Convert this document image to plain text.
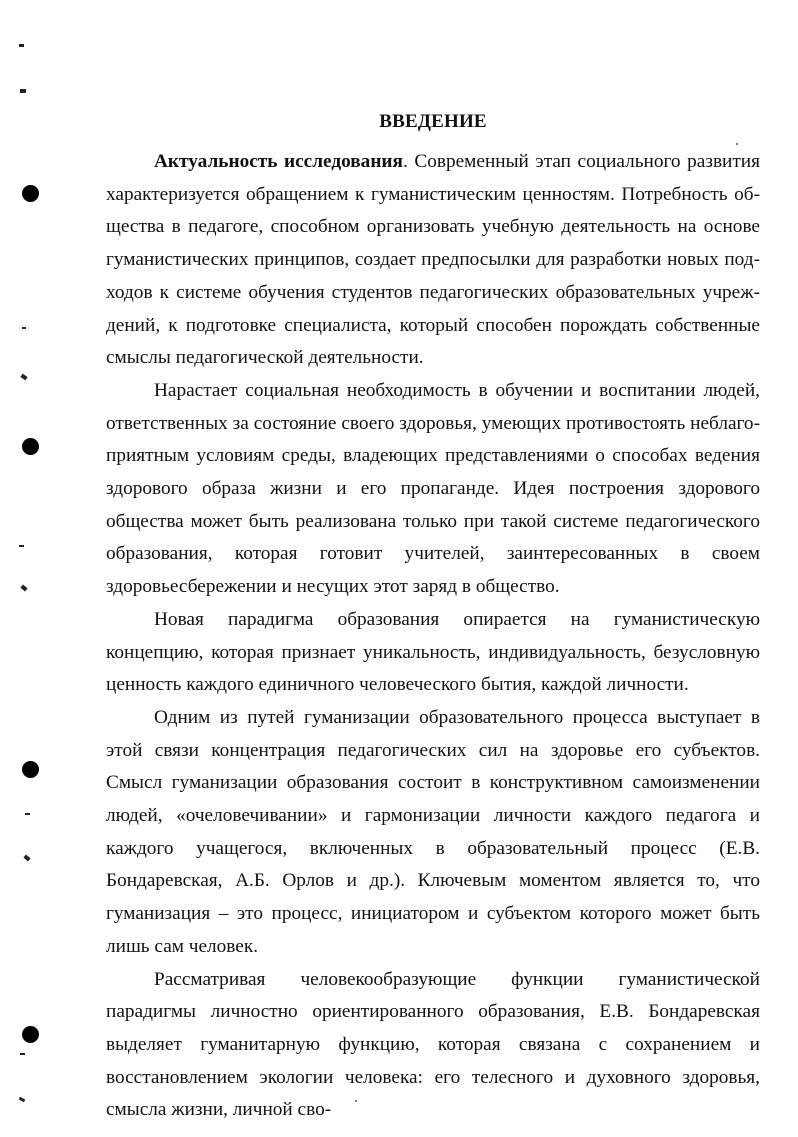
ВВЕДЕНИЕ

Актуальность исследования. Современный этап социального развития характеризуется обращением к гуманистическим ценностям. Потребность общества в педагоге, способном организовать учебную деятельность на основе гуманистических принципов, создает предпосылки для разработки новых подходов к системе обучения студентов педагогических образовательных учреждений, к подготовке специалиста, который способен порождать собственные смыслы педагогической деятельности.

Нарастает социальная необходимость в обучении и воспитании людей, ответственных за состояние своего здоровья, умеющих противостоять неблагоприятным условиям среды, владеющих представлениями о способах ведения здорового образа жизни и его пропаганде. Идея построения здорового общества может быть реализована только при такой системе педагогического образования, которая готовит учителей, заинтересованных в своем здоровьесбережении и несущих этот заряд в общество.

Новая парадигма образования опирается на гуманистическую концепцию, которая признает уникальность, индивидуальность, безусловную ценность каждого единичного человеческого бытия, каждой личности.

Одним из путей гуманизации образовательного процесса выступает в этой связи концентрация педагогических сил на здоровье его субъектов. Смысл гуманизации образования состоит в конструктивном самоизменении людей, «очеловечивании» и гармонизации личности каждого педагога и каждого учащегося, включенных в образовательный процесс (Е.В. Бондаревская, А.Б. Орлов и др.). Ключевым моментом является то, что гуманизация – это процесс, инициатором и субъектом которого может быть лишь сам человек.

Рассматривая человекообразующие функции гуманистической парадигмы личностно ориентированного образования, Е.В. Бондаревская выделяет гуманитарную функцию, которая связана с сохранением и восстановлением экологии человека: его телесного и духовного здоровья, смысла жизни, личной сво-
